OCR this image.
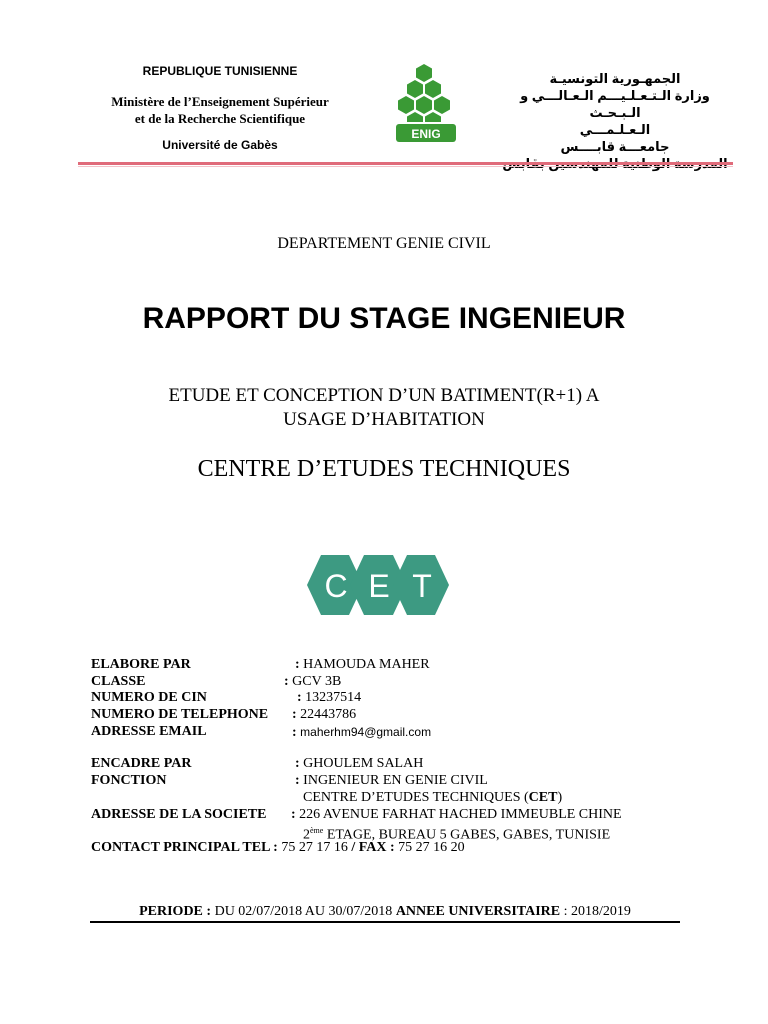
REPUBLIQUE TUNISIENNE
Ministère de l’Enseignement Supérieur
et de la Recherche Scientifique
Université de Gabès
ENIG
الجمهـورية التونسيـة
وزارة الـتـعـلـيـــم الـعـالـــي و الـبـحـث
الـعـلـمـــي
جامعـــة قابــــس
DEPARTEMENT GENIE CIVIL
RAPPORT DU STAGE INGENIEUR
ETUDE ET CONCEPTION D’UN BATIMENT(R+1) A
USAGE D’HABITATION
CENTRE D’ETUDES TECHNIQUES
C E T
ELABORE PAR	: HAMOUDA MAHER
CLASSE	: GCV 3B
NUMERO DE CIN	: 13237514
NUMERO DE TELEPHONE : 22443786
ADRESSE EMAIL	: maherhm94@gmail.com
ENCADRE PAR	: GHOULEM SALAH
FONCTION	: INGENIEUR EN GENIE CIVIL
CENTRE D’ETUDES TECHNIQUES (CET)
ADRESSE DE LA SOCIETE : 226 AVENUE FARHAT HACHED IMMEUBLE CHINE
2ème ETAGE, BUREAU 5 GABES, GABES, TUNISIE
CONTACT PRINCIPAL TEL : 75 27 17 16 / FAX : 75 27 16 20
PERIODE : DU 02/07/2018 AU 30/07/2018 ANNEE UNIVERSITAIRE : 2018/2019
